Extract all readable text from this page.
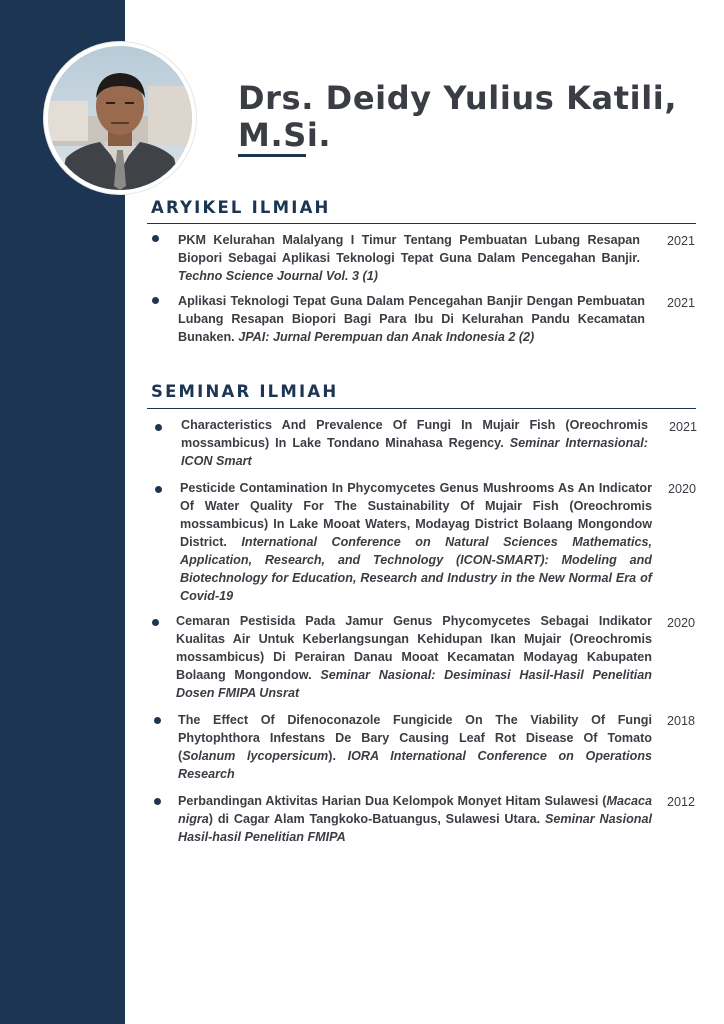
Drs. Deidy Yulius Katili,
M.Si.
ARYIKEL ILMIAH
PKM Kelurahan Malalyang I Timur Tentang Pembuatan Lubang Resapan Biopori Sebagai Aplikasi Teknologi Tepat Guna Dalam Pencegahan Banjir. Techno Science Journal Vol. 3 (1)
2021
Aplikasi Teknologi Tepat Guna Dalam Pencegahan Banjir Dengan Pembuatan Lubang Resapan Biopori Bagi Para Ibu Di Kelurahan Pandu Kecamatan Bunaken. JPAI: Jurnal Perempuan dan Anak Indonesia 2 (2)
2021
SEMINAR ILMIAH
Characteristics And Prevalence Of Fungi In Mujair Fish (Oreochromis mossambicus) In Lake Tondano Minahasa Regency. Seminar Internasional: ICON Smart
2021
Pesticide Contamination In Phycomycetes Genus Mushrooms As An Indicator Of Water Quality For The Sustainability Of Mujair Fish (Oreochromis mossambicus) In Lake Mooat Waters, Modayag District Bolaang Mongondow District. International Conference on Natural Sciences Mathematics, Application, Research, and Technology (ICON-SMART): Modeling and Biotechnology for Education, Research and Industry in the New Normal Era of Covid-19
2020
Cemaran Pestisida Pada Jamur Genus Phycomycetes Sebagai Indikator Kualitas Air Untuk Keberlangsungan Kehidupan Ikan Mujair (Oreochromis mossambicus) Di Perairan Danau Mooat Kecamatan Modayag Kabupaten Bolaang Mongondow. Seminar Nasional: Desiminasi Hasil-Hasil Penelitian Dosen FMIPA Unsrat
2020
The Effect Of Difenoconazole Fungicide On The Viability Of Fungi Phytophthora Infestans De Bary Causing Leaf Rot Disease Of Tomato (Solanum lycopersicum). IORA International Conference on Operations Research
2018
Perbandingan Aktivitas Harian Dua Kelompok Monyet Hitam Sulawesi (Macaca nigra) di Cagar Alam Tangkoko-Batuangus, Sulawesi Utara. Seminar Nasional Hasil-hasil Penelitian FMIPA
2012
